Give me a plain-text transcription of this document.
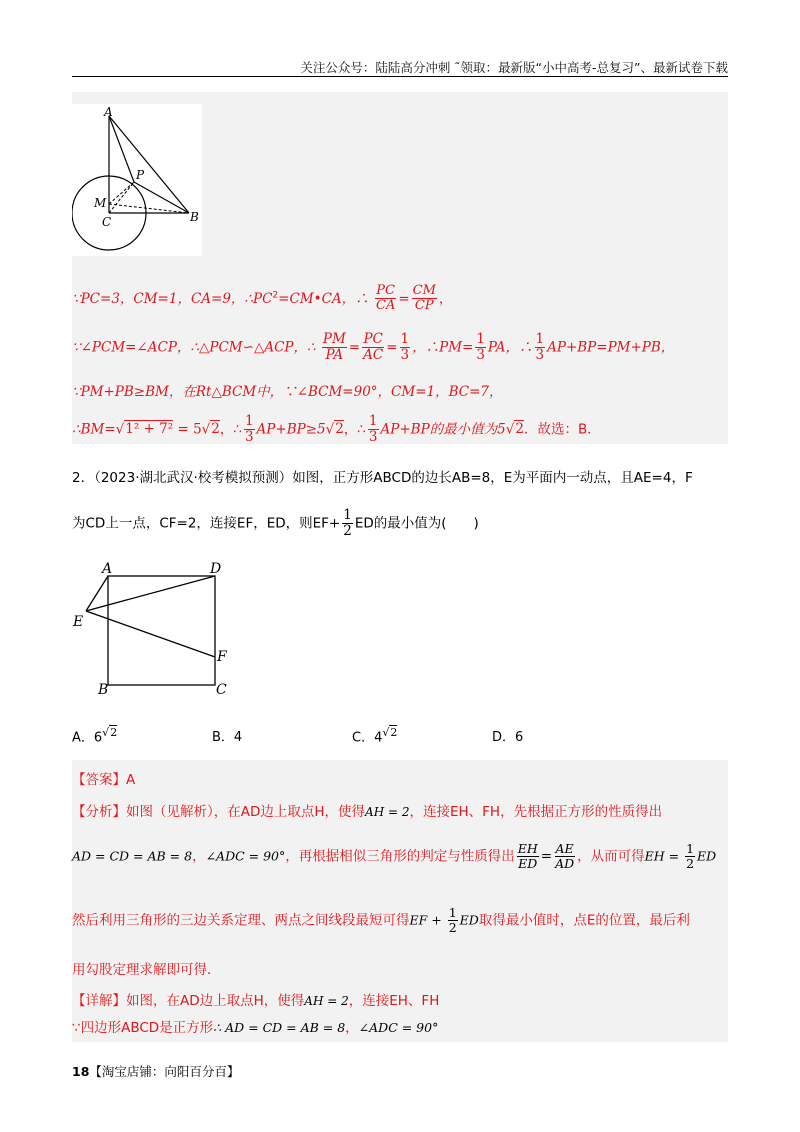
关注公众号：陆陆高分冲刺 ˜领取：最新版“小中高考-总复习”、最新试卷下载
A
P
M
C	B
∵PC=3，CM=1，CA=9，$\therefore PC^2=CM•CA$，∴ $\frac{PC}{CA} = \frac{CM}{CP}$ ，
∵∠PCM=∠ACP，∴△PCM∽△ACP，∴ $\frac{PM}{PA} = \frac{PC}{AC} = \frac{1}{3}$ ，∴PM= $\frac{1}{3}$ PA，∴ $\frac{1}{3} AP+BP=PM+PB$，
∵PM+PB≥BM，在Rt△BCM中，∵∠BCM=90°，CM=1，BC=7，
∴BM=√1² + 7² = 5√2，∴ $\frac{1}{3} AP+BP\ge 5√2$，∴ $\frac{1}{3} AP+BP$的最小值为5√2．故选：B．
2．（2023·湖北武汉·校考模拟预测）如图，正方形ABCD的边长AB=8，E为平面内一动点，且AE=4，F
为CD上一点，CF=2，连接EF，ED，则$EF+ \frac{1}{2}$ ED的最小值为(　　)
A	D
E
F
B	C
A．$6^{√2}$	B．4	C．$4^{√2}$	D．6
【答案】A
【分析】如图（见解析），在AD边上取点H，使得AH = 2，连接EH、FH，先根据正方形的性质得出
AD = CD = AB = 8，∠ADC = 90°，再根据相似三角形的判定与性质得出 $\frac{EH}{ED} = \frac{AE}{AD}$ ，从而可得EH = $\frac{1}{2}$ ED
然后利用三角形的三边关系定理、两点之间线段最短可得EF + $\frac{1}{2}$ ED取得最小值时，点E的位置，最后利
用勾股定理求解即可得．
【详解】如图，在AD边上取点H，使得AH = 2，连接EH、FH
∵四边形ABCD是正方形∴ AD = CD = AB = 8，∠ADC = 90°
18【淘宝店铺：向阳百分百】
